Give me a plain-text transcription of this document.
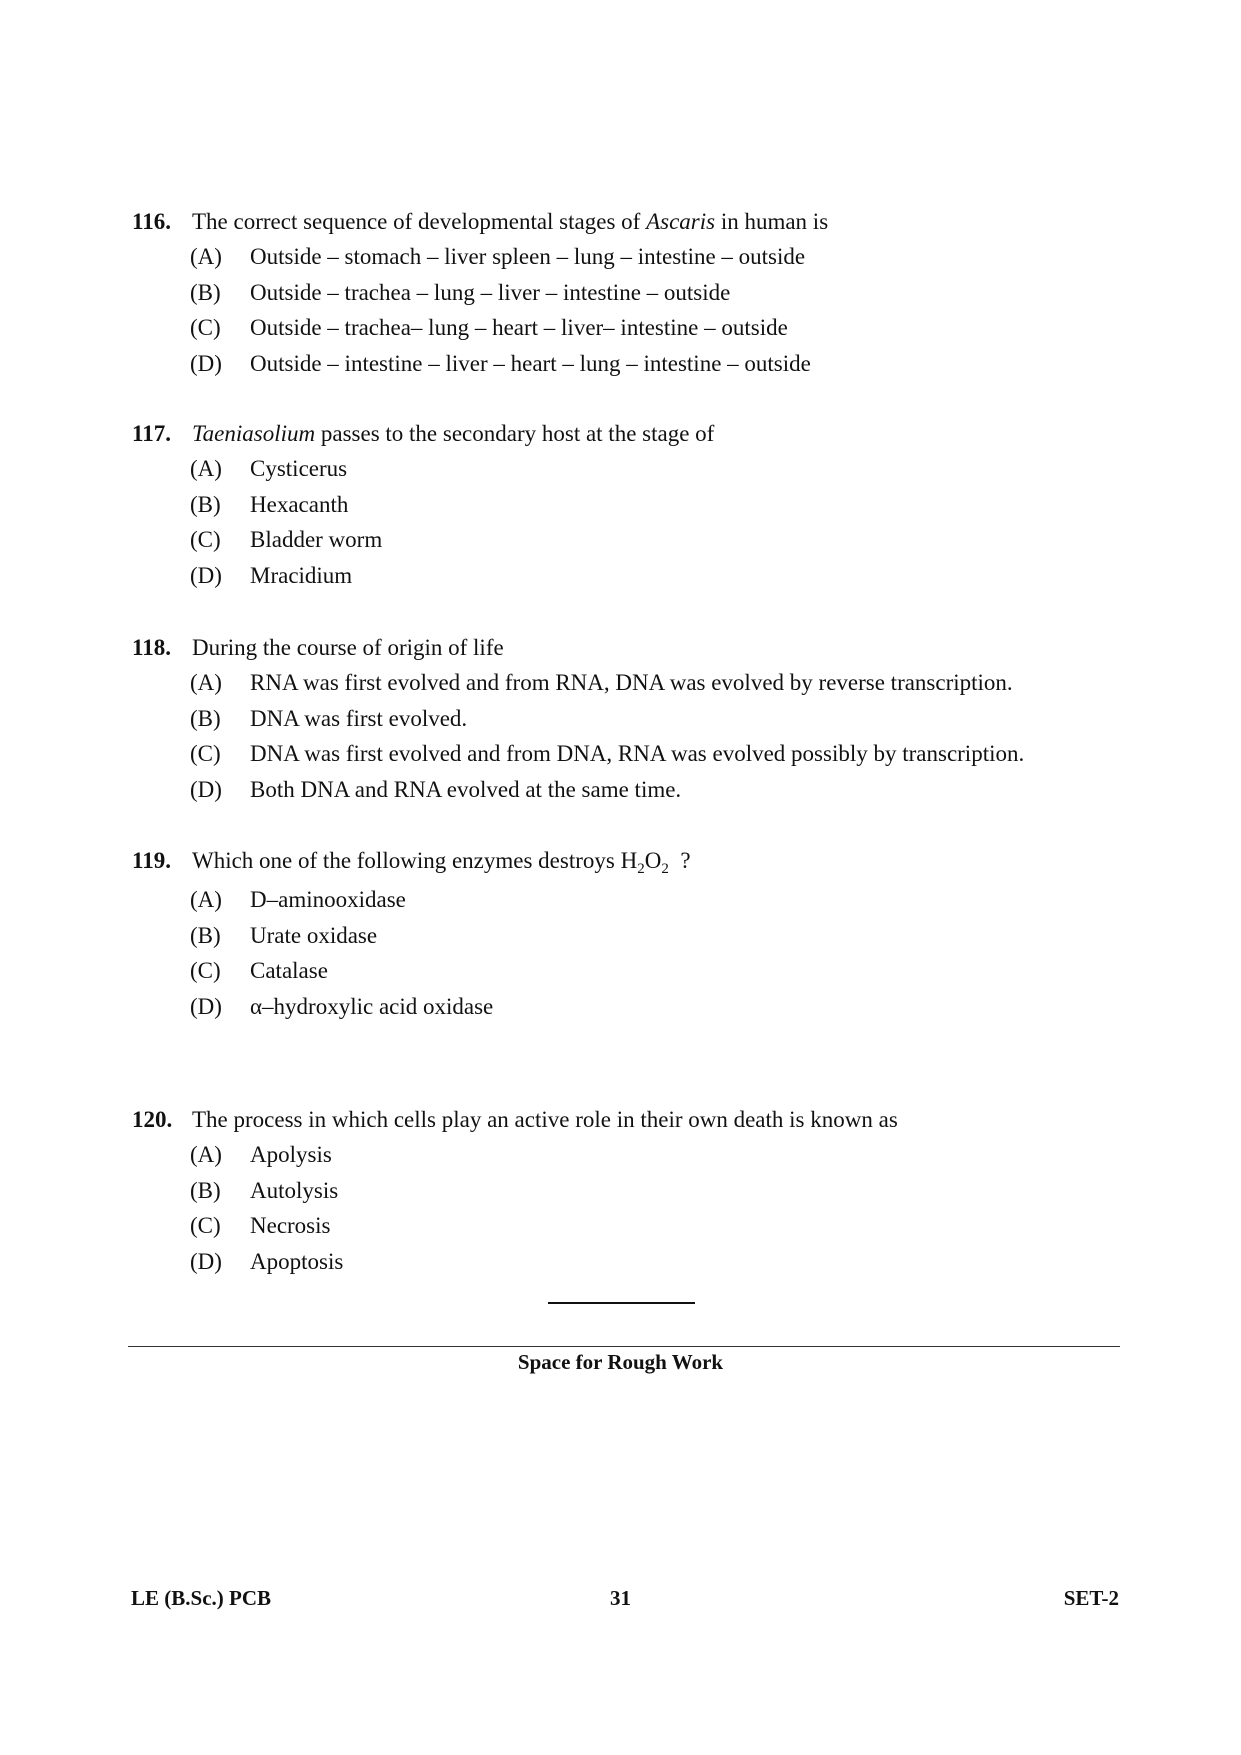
116. The correct sequence of developmental stages of Ascaris in human is
(A) Outside – stomach – liver spleen – lung – intestine – outside
(B) Outside – trachea – lung – liver – intestine – outside
(C) Outside – trachea– lung – heart – liver– intestine – outside
(D) Outside – intestine – liver – heart – lung – intestine – outside
117. Taeniasolium passes to the secondary host at the stage of
(A) Cysticerus
(B) Hexacanth
(C) Bladder worm
(D) Mracidium
118. During the course of origin of life
(A) RNA was first evolved and from RNA, DNA was evolved by reverse transcription.
(B) DNA was first evolved.
(C) DNA was first evolved and from DNA, RNA was evolved possibly by transcription.
(D) Both DNA and RNA evolved at the same time.
119. Which one of the following enzymes destroys $H_2O_2$  ?
(A) D–aminooxidase
(B) Urate oxidase
(C) Catalase
(D) α–hydroxylic acid oxidase
120. The process in which cells play an active role in their own death is known as
(A) Apolysis
(B) Autolysis
(C) Necrosis
(D) Apoptosis
Space for Rough Work
LE (B.Sc.) PCB	31	SET-2
